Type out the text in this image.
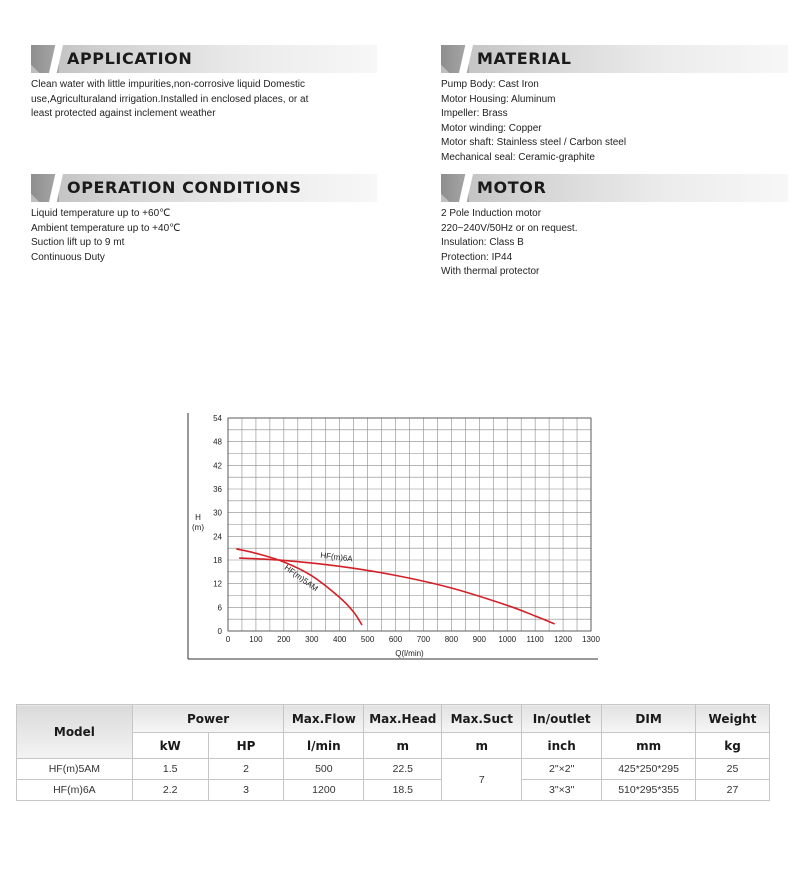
APPLICATION
Clean water with little impurities,non-corrosive liquid Domestic
use,Agriculturaland irrigation.Installed in enclosed places, or at
least protected against inclement weather
MATERIAL
Pump Body: Cast Iron
Motor Housing: Aluminum
Impeller: Brass
Motor winding: Copper
Motor shaft: Stainless steel / Carbon steel
Mechanical seal: Ceramic-graphite
OPERATION CONDITIONS
Liquid temperature up to +60℃
Ambient temperature up to +40℃
Suction lift up to 9 mt
Continuous Duty
MOTOR
2 Pole Induction motor
220~240V/50Hz or on request.
Insulation: Class B
Protection: IP44
With thermal protector
0 100 200 300 400 500 600 700 800 900 1000 1100 1200 1300
0
6
12
18
24
30
36
42
48
54
Q(l/min)
H
(m)
HF(m)5AM
HF(m)6A
Model	Power		Max.Flow	Max.Head	Max.Suct	In/outlet	DIM	Weight
	kW	HP	l/min	m	m	inch	mm	kg
HF(m)5AM	1.5	2	500	22.5	7	2"×2"	425*250*295	25
HF(m)6A	2.2	3	1200	18.5		3"×3"	510*295*355	27
